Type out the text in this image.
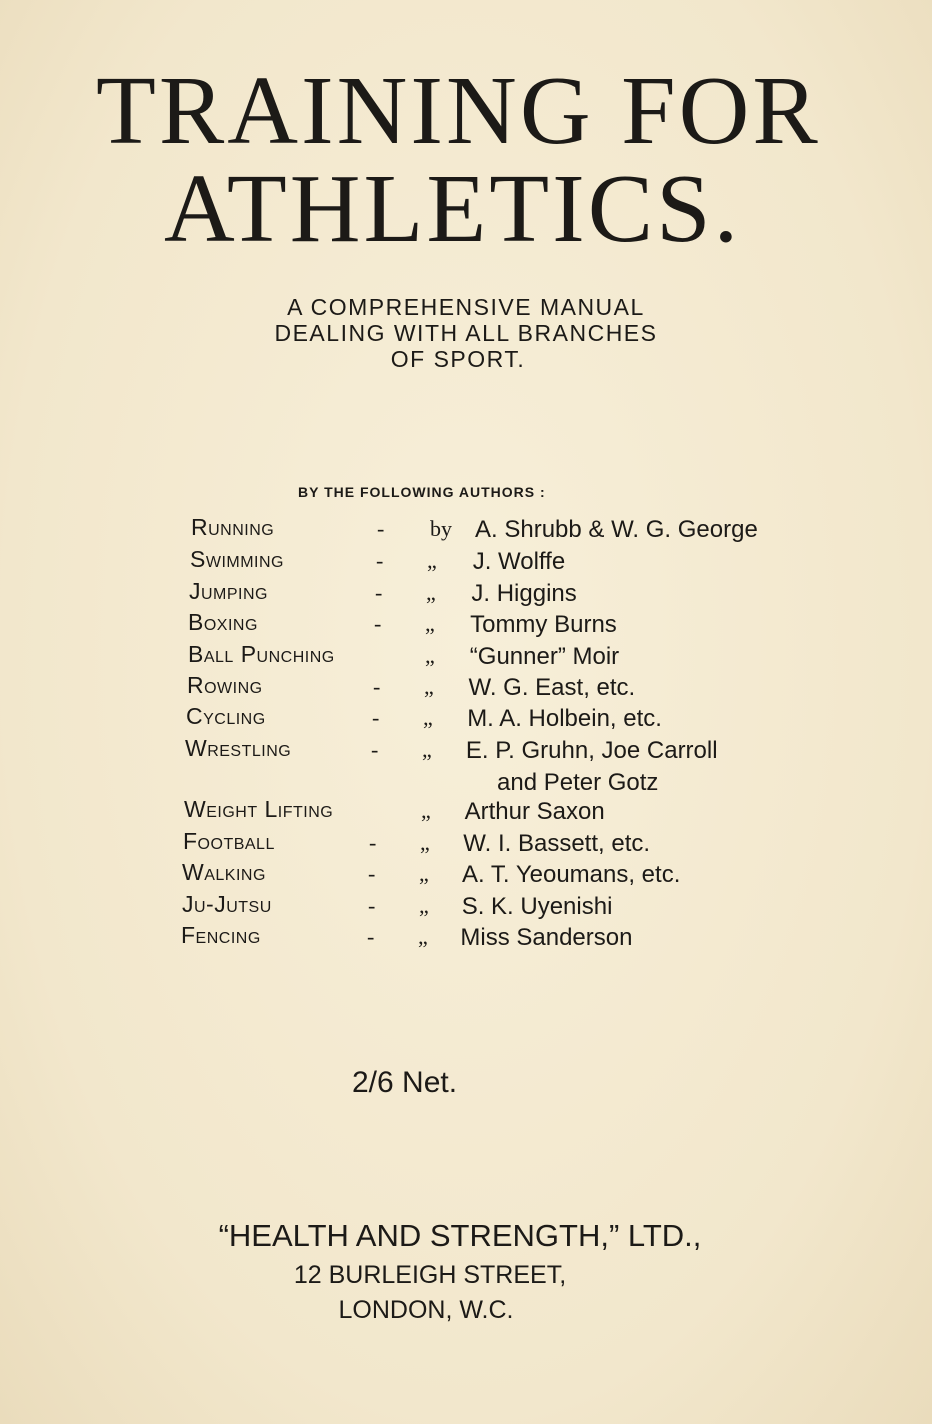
TRAINING FOR
ATHLETICS.
A COMPREHENSIVE MANUAL
DEALING WITH ALL BRANCHES
OF SPORT.
BY THE FOLLOWING AUTHORS :
Running	- by A. Shrubb & W. G. George
Swimming	- „ J. Wolffe
Jumping	- „ J. Higgins
Boxing	- „ Tommy Burns
Ball Punching	„ “Gunner” Moir
Rowing	- „ W. G. East, etc.
Cycling	- „ M. A. Holbein, etc.
Wrestling	- „ E. P. Gruhn, Joe Carroll
and Peter Gotz
Weight Lifting	„ Arthur Saxon
Football	- „ W. I. Bassett, etc.
Walking	- „ A. T. Yeoumans, etc.
Ju-Jutsu	- „ S. K. Uyenishi
Fencing	- „ Miss Sanderson
2/6 Net.
“HEALTH AND STRENGTH,” LTD.,
12 BURLEIGH STREET,
LONDON, W.C.
